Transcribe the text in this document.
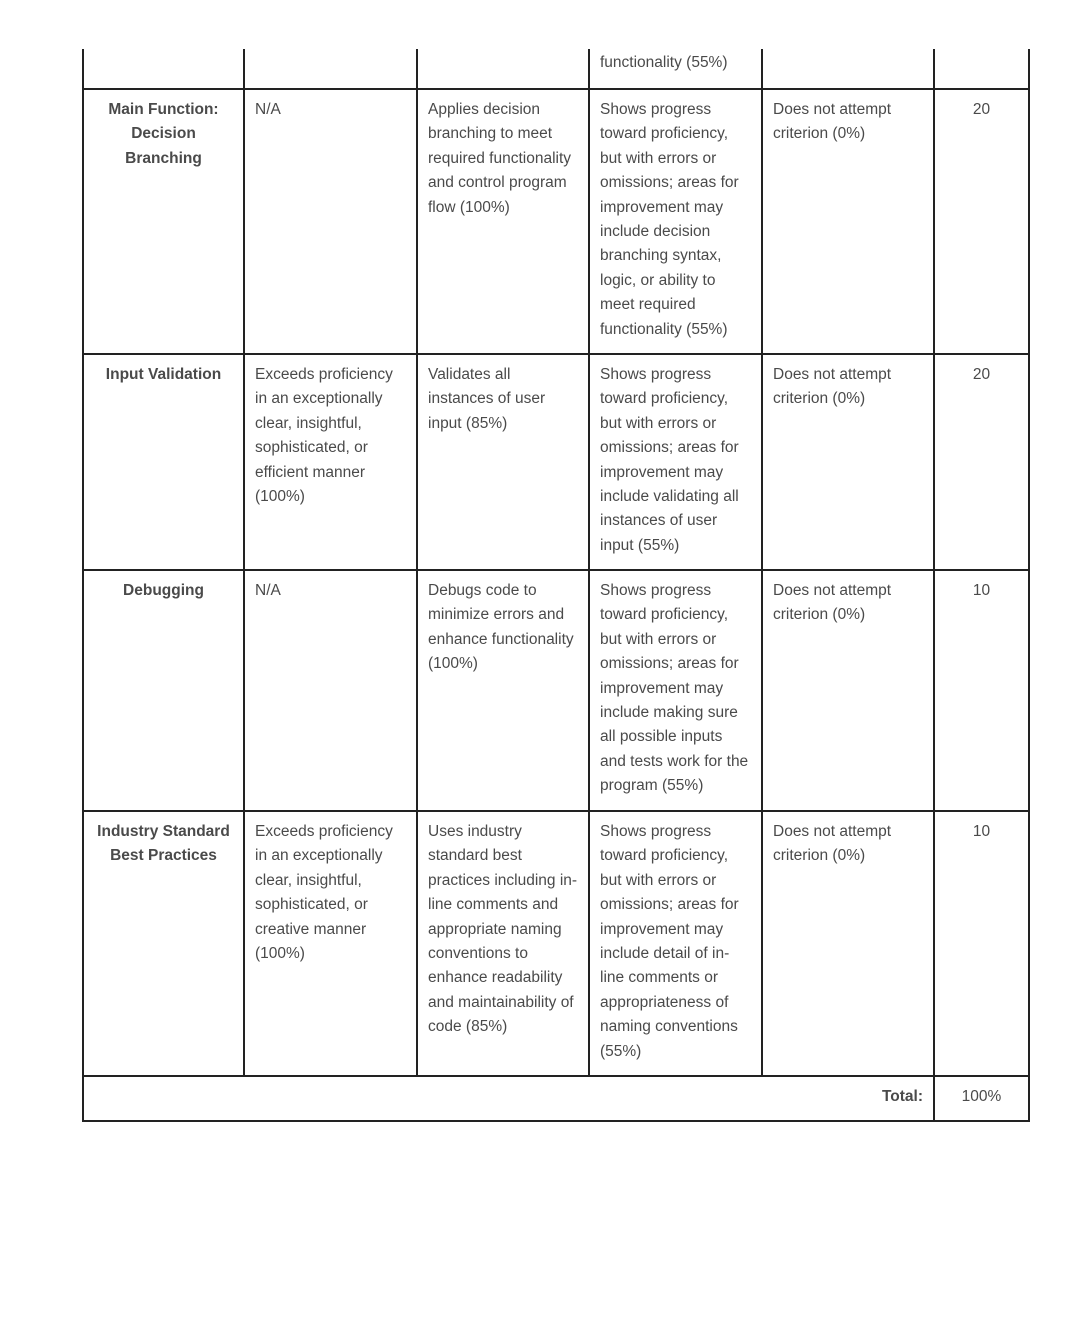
			functionality (55%)		
Main Function:
Decision Branching	N/A	Applies decision branching to meet required functionality and control program flow (100%)	Shows progress toward proficiency, but with errors or omissions; areas for improvement may include decision branching syntax, logic, or ability to meet required functionality (55%)	Does not attempt criterion (0%)	20
Input Validation	Exceeds proficiency in an exceptionally clear, insightful, sophisticated, or efficient manner (100%)	Validates all instances of user input (85%)	Shows progress toward proficiency, but with errors or omissions; areas for improvement may include validating all instances of user input (55%)	Does not attempt criterion (0%)	20
Debugging	N/A	Debugs code to minimize errors and enhance functionality (100%)	Shows progress toward proficiency, but with errors or omissions; areas for improvement may include making sure all possible inputs and tests work for the program (55%)	Does not attempt criterion (0%)	10
Industry Standard
Best Practices	Exceeds proficiency in an exceptionally clear, insightful, sophisticated, or creative manner (100%)	Uses industry standard best practices including in-line comments and appropriate naming conventions to enhance readability and maintainability of code (85%)	Shows progress toward proficiency, but with errors or omissions; areas for improvement may include detail of in-line comments or appropriateness of naming conventions (55%)	Does not attempt criterion (0%)	10
Total:					100%
